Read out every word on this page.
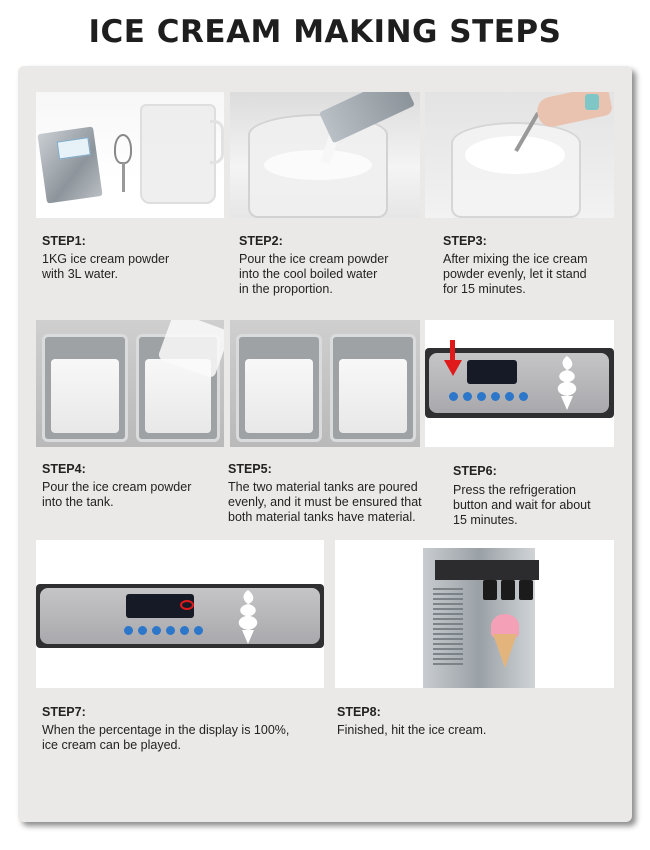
ICE CREAM MAKING STEPS
STEP1:
1KG ice cream powder
with 3L water.
STEP2:
Pour the ice cream powder
into the cool boiled water
in the proportion.
STEP3:
After mixing the ice cream
powder evenly, let it stand
for 15 minutes.
STEP4:
Pour the ice cream powder
into the tank.
STEP5:
The two material tanks are poured
evenly, and it must be ensured that
both material tanks have material.
STEP6:
Press the refrigeration
button and wait for about
15 minutes.
STEP7:
When the percentage in the display is 100%,
ice cream can be played.
STEP8:
Finished, hit the ice cream.
